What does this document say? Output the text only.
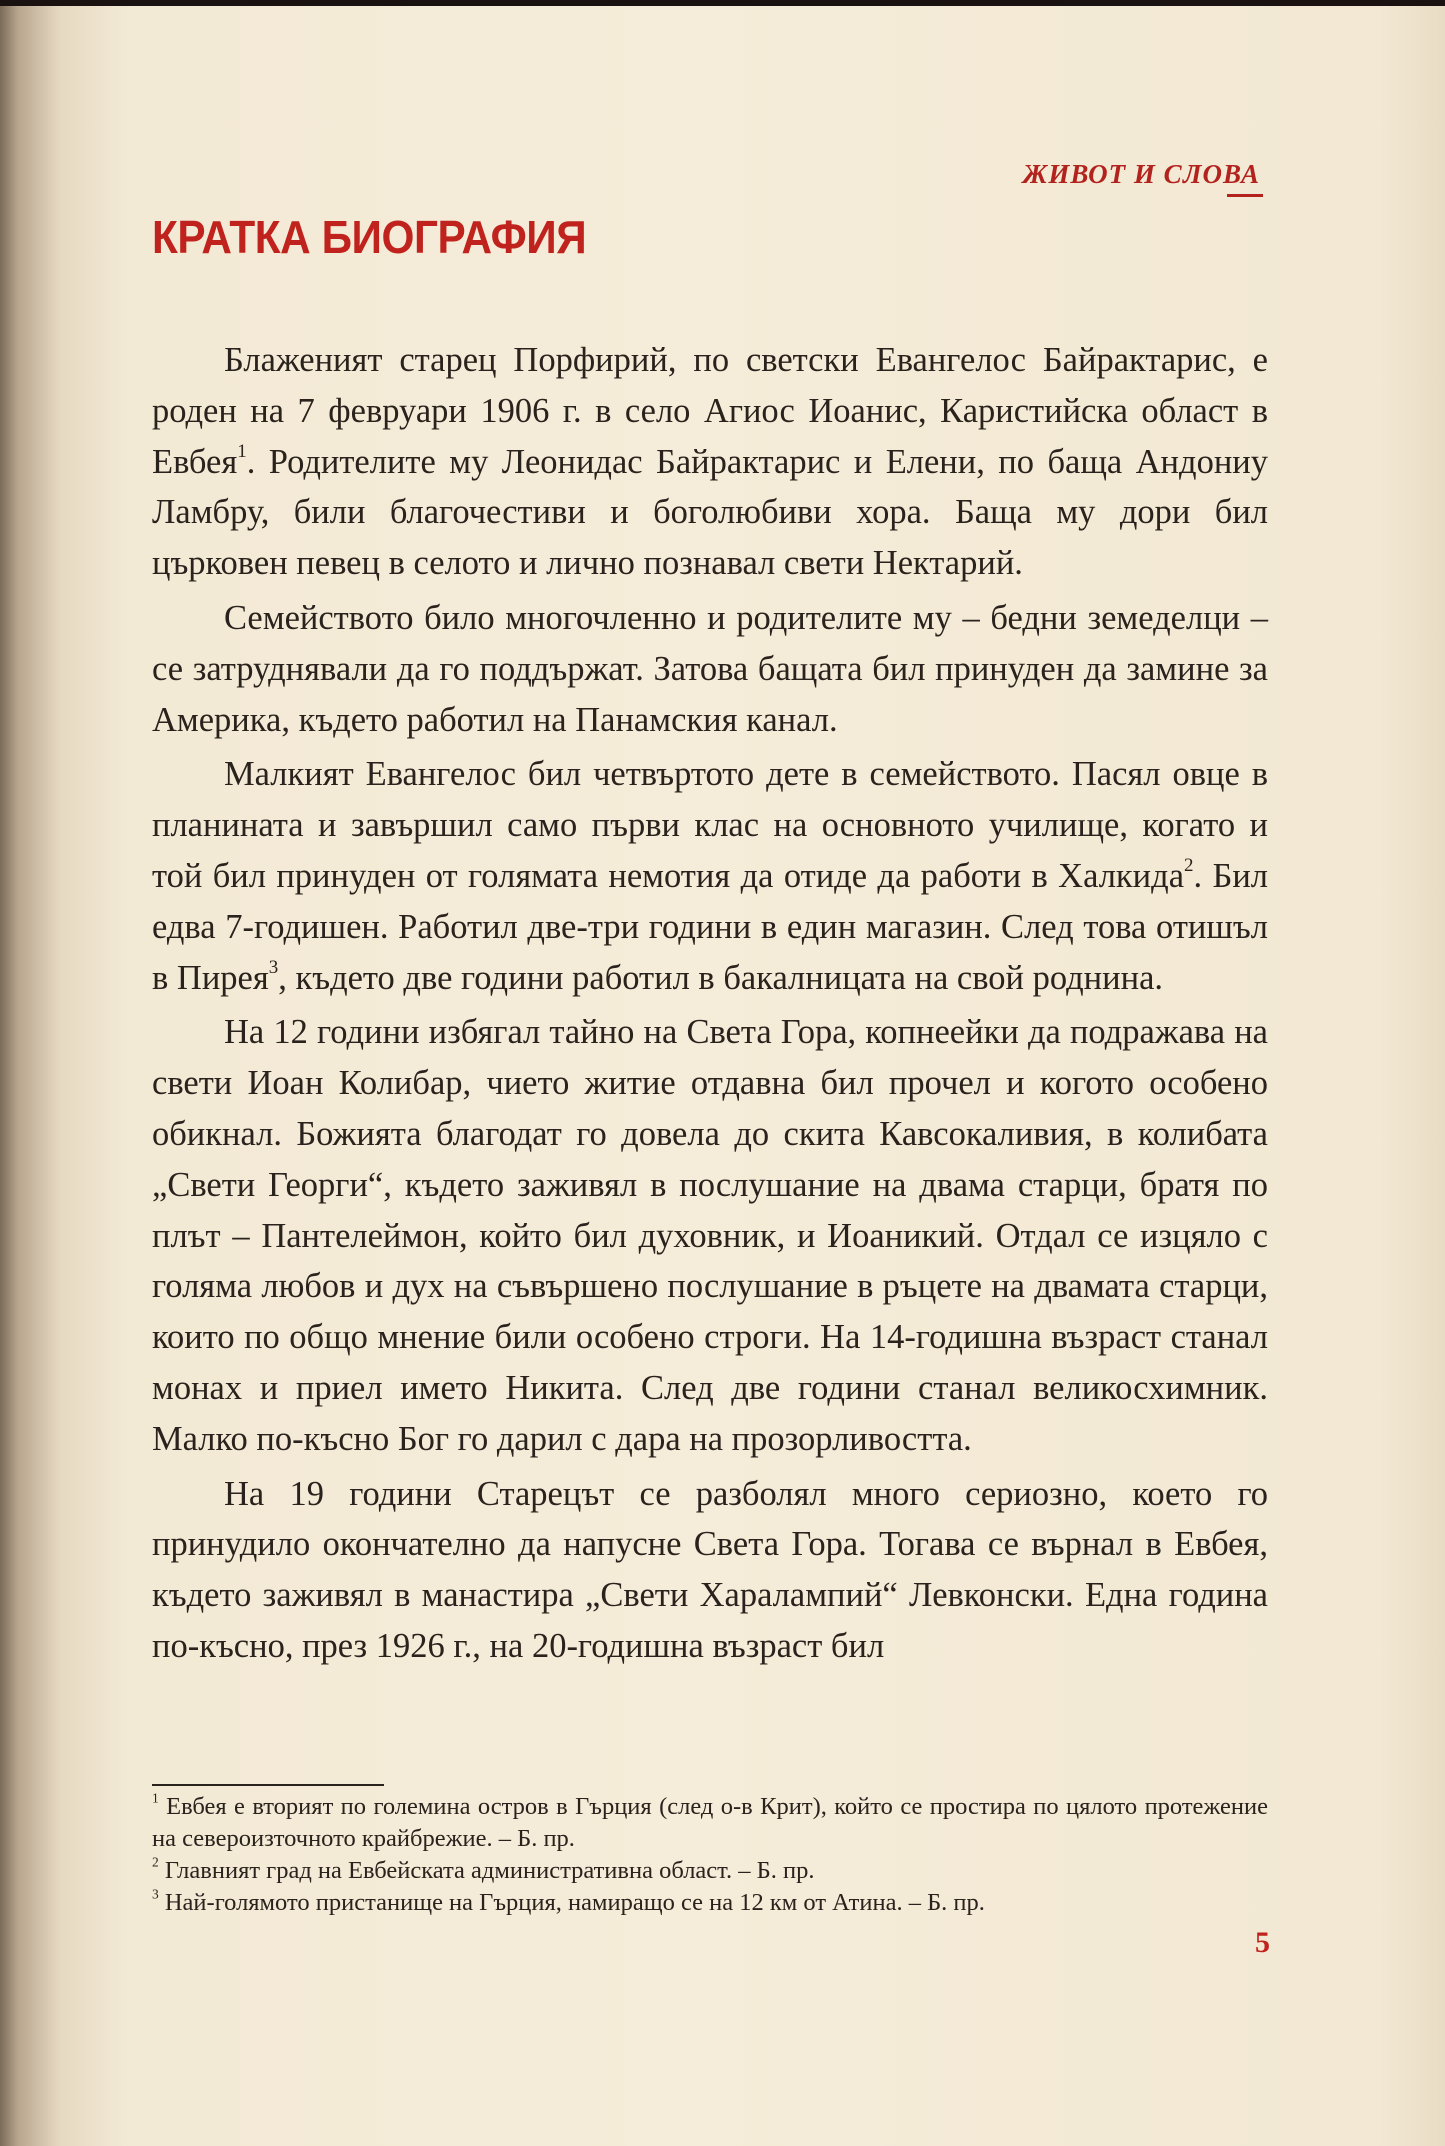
ЖИВОТ И СЛОВА
КРАТКА БИОГРАФИЯ

Блаженият старец Порфирий, по светски Евангелос Байрактарис, е роден на 7 февруари 1906 г. в село Агиос Иоанис, Каристийска област в Евбея$^1$. Родителите му Леонидас Байрактарис и Елени, по баща Андониу Ламбру, били благочестиви и боголюбиви хора. Баща му дори бил църковен певец в селото и лично познавал свети Нектарий.

Семейството било многочленно и родителите му – бедни земеделци – се затруднявали да го поддържат. Затова бащата бил принуден да замине за Америка, където работил на Панамския канал.

Малкият Евангелос бил четвъртото дете в семейството. Пасял овце в планината и завършил само първи клас на основното училище, когато и той бил принуден от голямата немотия да отиде да работи в Халкида$^2$. Бил едва 7-годишен. Работил две-три години в един магазин. След това отишъл в Пирея$^3$, където две години работил в бакалницата на свой роднина.

На 12 години избягал тайно на Света Гора, копнеейки да подражава на свети Иоан Колибар, чието житие отдавна бил прочел и когото особено обикнал. Божията благодат го довела до скита Кавсокаливия, в колибата „Свети Георги“, където заживял в послушание на двама старци, братя по плът – Пантелеймон, който бил духовник, и Иоаникий. Отдал се изцяло с голяма любов и дух на съвършено послушание в ръцете на двамата старци, които по общо мнение били особено строги. На 14-годишна възраст станал монах и приел името Никита. След две години станал великосхимник. Малко по-късно Бог го дарил с дара на прозорливостта.

На 19 години Старецът се разболял много сериозно, което го принудило окончателно да напусне Света Гора. Тогава се върнал в Евбея, където заживял в манастира „Свети Харалампий“ Левконски. Една година по-късно, през 1926 г., на 20-годишна възраст бил

$^1$ Евбея е вторият по големина остров в Гърция (след о-в Крит), който се простира по цялото протежение на североизточното крайбрежие. – Б. пр.

$^2$ Главният град на Евбейската административна област. – Б. пр.

$^3$ Най-голямото пристанище на Гърция, намиращо се на 12 км от Атина. – Б. пр.

5
